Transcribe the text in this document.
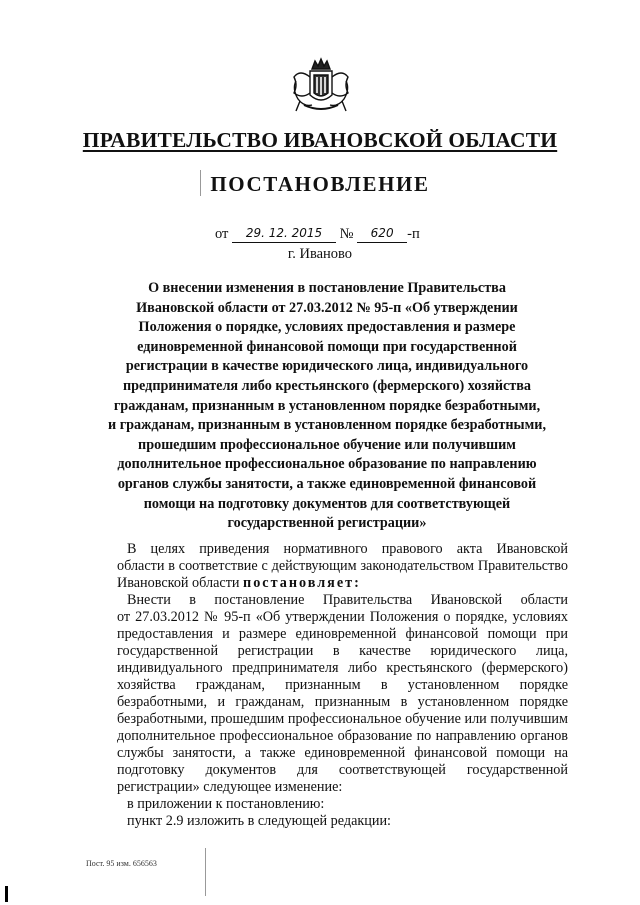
ПРАВИТЕЛЬСТВО ИВАНОВСКОЙ ОБЛАСТИ
ПОСТАНОВЛЕНИЕ
от 29. 12. 2015 № 620 -п
г. Иваново
О внесении изменения в постановление Правительства
Ивановской области от 27.03.2012 № 95-п «Об утверждении
Положения о порядке, условиях предоставления и размере
единовременной финансовой помощи при государственной
регистрации в качестве юридического лица, индивидуального
предпринимателя либо крестьянского (фермерского) хозяйства
гражданам, признанным в установленном порядке безработными,
и гражданам, признанным в установленном порядке безработными,
прошедшим профессиональное обучение или получившим
дополнительное профессиональное образование по направлению
органов службы занятости, а также единовременной финансовой
помощи на подготовку документов для соответствующей
государственной регистрации»
В целях приведения нормативного правового акта Ивановской
области в соответствие с действующим законодательством Правительство
Ивановской области постановляет:
Внести в постановление Правительства Ивановской области
от 27.03.2012 № 95-п «Об утверждении Положения о порядке, условиях
предоставления и размере единовременной финансовой помощи при
государственной регистрации в качестве юридического лица,
индивидуального предпринимателя либо крестьянского (фермерского)
хозяйства гражданам, признанным в установленном порядке
безработными, и гражданам, признанным в установленном порядке
безработными, прошедшим профессиональное обучение или получившим
дополнительное профессиональное образование по направлению органов
службы занятости, а также единовременной финансовой помощи на
подготовку документов для соответствующей государственной
регистрации» следующее изменение:
в приложении к постановлению:
пункт 2.9 изложить в следующей редакции:
Пост. 95 изм. 656563
